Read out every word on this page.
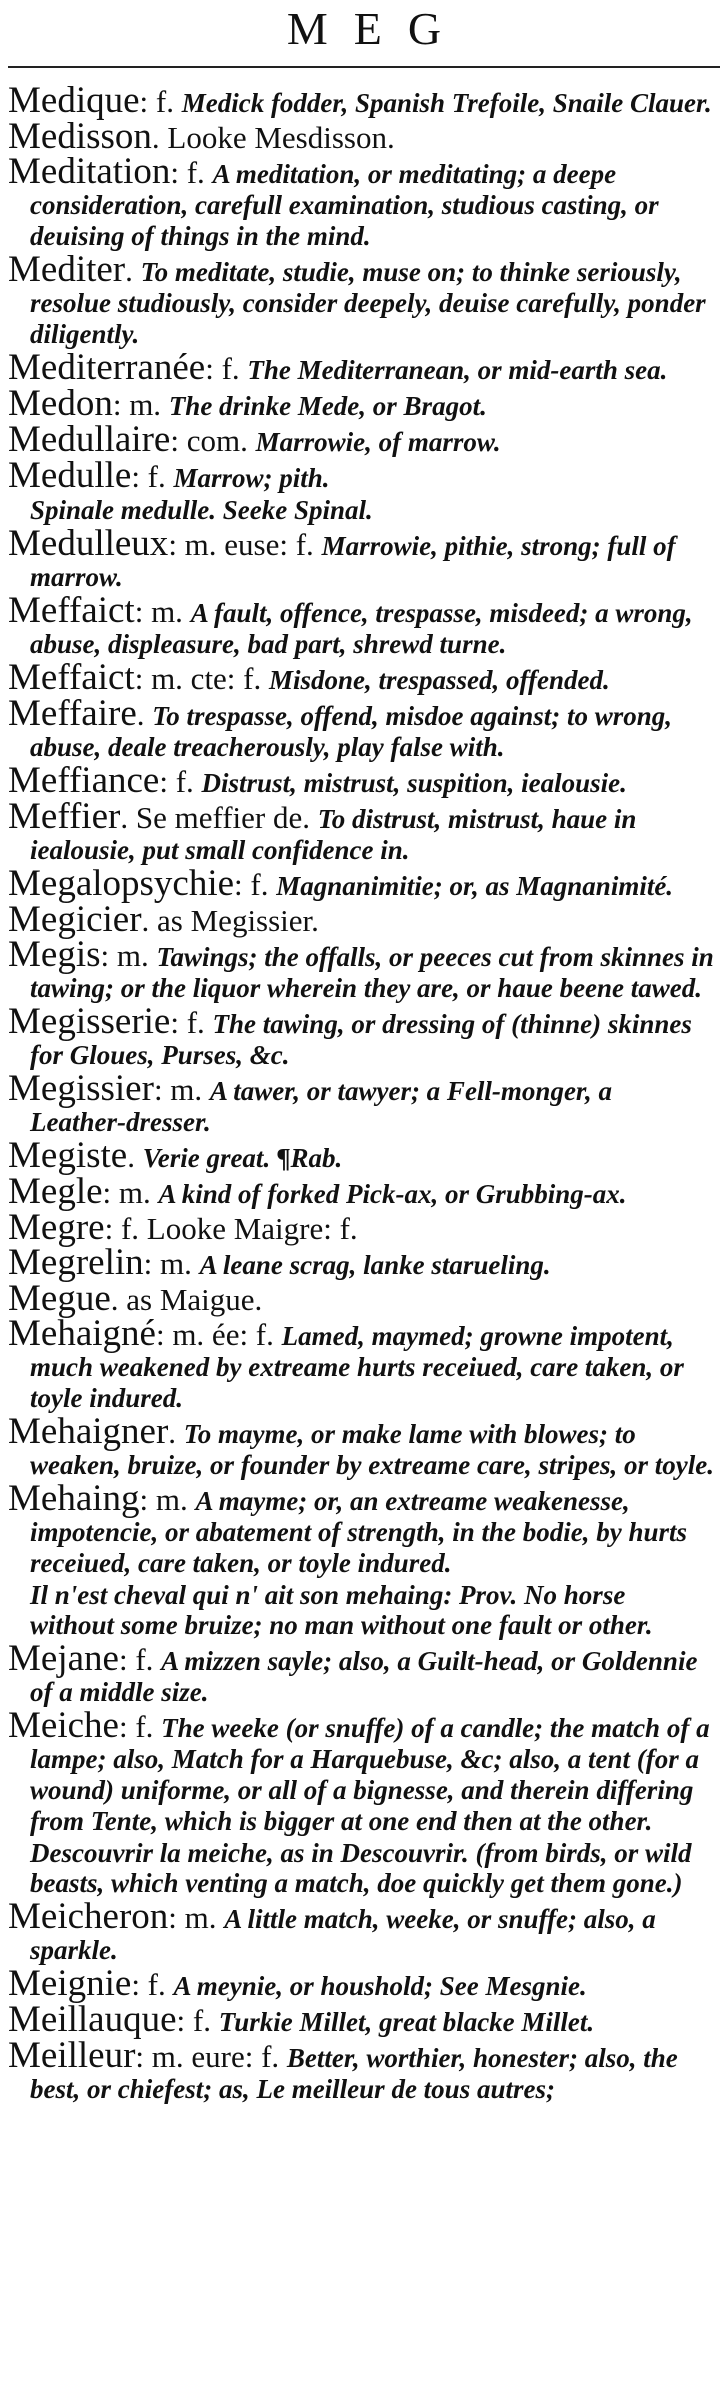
MEG

Medique: f. Medick fodder, Spanish Trefoile, Snaile Clauer.

Medisson. Looke Mesdisson.

Meditation: f. A meditation, or meditating; a deepe consideration, carefull examination, studious casting, or deuising of things in the mind.

Mediter. To meditate, studie, muse on; to thinke seriously, resolue studiously, consider deepely, deuise carefully, ponder diligently.

Mediterranée: f. The Mediterranean, or mid-earth sea.

Medon: m. The drinke Mede, or Bragot.

Medullaire: com. Marrowie, of marrow.

Medulle: f. Marrow; pith.
Spinale medulle. Seeke Spinal.

Medulleux: m. euse: f. Marrowie, pithie, strong; full of marrow.

Meffaict: m. A fault, offence, trespasse, misdeed; a wrong, abuse, displeasure, bad part, shrewd turne.

Meffaict: m. cte: f. Misdone, trespassed, offended.

Meffaire. To trespasse, offend, misdoe against; to wrong, abuse, deale treacherously, play false with.

Meffiance: f. Distrust, mistrust, suspition, iealousie.

Meffier. Se meffier de. To distrust, mistrust, haue in iealousie, put small confidence in.

Megalopsychie: f. Magnanimitie; or, as Magnanimité.

Megicier. as Megissier.

Megis: m. Tawings; the offalls, or peeces cut from skinnes in tawing; or the liquor wherein they are, or haue beene tawed.

Megisserie: f. The tawing, or dressing of (thinne) skinnes for Gloues, Purses, &c.

Megissier: m. A tawer, or tawyer; a Fell-monger, a Leather-dresser.

Megiste. Verie great. ¶Rab.

Megle: m. A kind of forked Pick-ax, or Grubbing-ax.

Megre: f. Looke Maigre: f.

Megrelin: m. A leane scrag, lanke starueling.

Megue. as Maigue.

Mehaigné: m. ée: f. Lamed, maymed; growne impotent, much weakened by extreame hurts receiued, care taken, or toyle indured.

Mehaigner. To mayme, or make lame with blowes; to weaken, bruize, or founder by extreame care, stripes, or toyle.

Mehaing: m. A mayme; or, an extreame weakenesse, impotencie, or abatement of strength, in the bodie, by hurts receiued, care taken, or toyle indured.
Il n'est cheval qui n' ait son mehaing: Prov. No horse without some bruize; no man without one fault or other.

Mejane: f. A mizzen sayle; also, a Guilt-head, or Goldennie of a middle size.

Meiche: f. The weeke (or snuffe) of a candle; the match of a lampe; also, Match for a Harquebuse, &c; also, a tent (for a wound) uniforme, or all of a bignesse, and therein differing from Tente, which is bigger at one end then at the other.
Descouvrir la meiche, as in Descouvrir. (from birds, or wild beasts, which venting a match, doe quickly get them gone.)

Meicheron: m. A little match, weeke, or snuffe; also, a sparkle.

Meignie: f. A meynie, or houshold; See Mesgnie.

Meillauque: f. Turkie Millet, great blacke Millet.

Meilleur: m. eure: f. Better, worthier, honester; also, the best, or chiefest; as, Le meilleur de tous autres;
